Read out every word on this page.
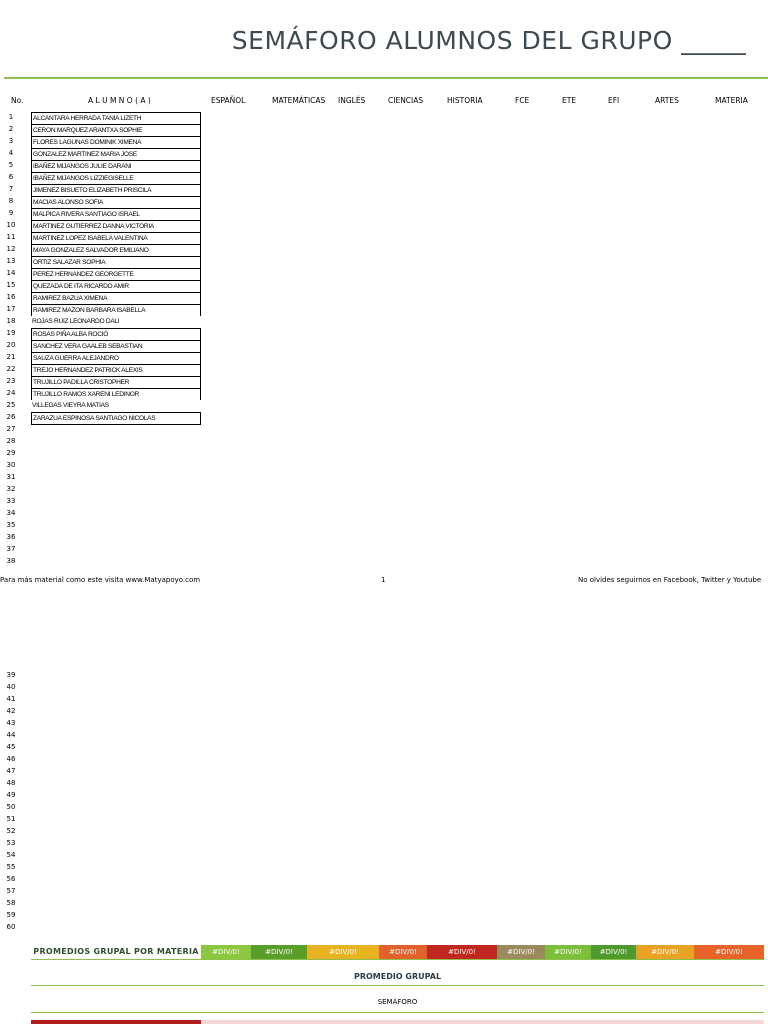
SEMÁFORO ALUMNOS DEL GRUPO _____
No.	A L U M N O ( A )	ESPAÑOL	MATEMÁTICAS INGLÉS	CIENCIAS	HISTORIA	FCE	ETE	EFI	ARTES	MATERIA
1	ALCANTARA HERRADA TANIA LIZETH
2	CERON MARQUEZ ARANTXA SOPHIE
3	FLORES LAGUNAS DOMINIK XIMENA
4	GONZALEZ MARTINEZ MARIA JOSE
5	IBAÑEZ MIJANGOS JULIE DARANI
6	IBAÑEZ MIJANGOS LIZZIEGISELLE
7	JIMENEZ BISUETO ELIZABETH PRISCILA
8	MACIAS ALONSO SOFIA
9	MALPICA RIVERA SANTIAGO ISRAEL
10	MARTINEZ GUTIERREZ DANNA VICTORIA
11	MARTINEZ LOPEZ ISABELA VALENTINA
12	MAYA GONZALEZ SALVADOR EMILIANO
13	ORTIZ SALAZAR SOPHIA
14	PEREZ HERNANDEZ GEORGETTE
15	QUEZADA DE ITA RICARDO AMIR
16	RAMIREZ BAZUA XIMENA
17	RAMIREZ MAZON BARBARA ISABELLA
18	ROJAS RUIZ LEONARDO DALI
19	ROSAS PIÑA ALBA ROCIÓ
20	SANCHEZ VERA GAALEB SEBASTIAN
21	SAUZA GUERRA ALEJANDRO
22	TREJO HERNANDEZ PATRICK ALEXIS
23	TRUJILLO PADILLA CRISTOPHER
24	TRUJILLO RAMOS XARENI LEDINOR
25	VILLEGAS VIEYRA MATIAS
26	ZARAZUA ESPINOSA SANTIAGO NICOLAS
27
28
29
30
31
32
33
34
35
36
37
38
39
40
41
42
43
44
45
46
47
48
49
50
51
52
53
54
55
56
57
58
59
60
Para más material como este visita www.Matyapoyo.com	1	No olvides seguirnos en Facebook, Twitter y Youtube
PROMEDIOS GRUPAL POR MATERIA	#DIV/0!	#DIV/0!	#DIV/0!	#DIV/0!	#DIV/0!	#DIV/0!	#DIV/0!	#DIV/0!	#DIV/0!	#DIV/0!
PROMEDIO GRUPAL
SEMÁFORO
